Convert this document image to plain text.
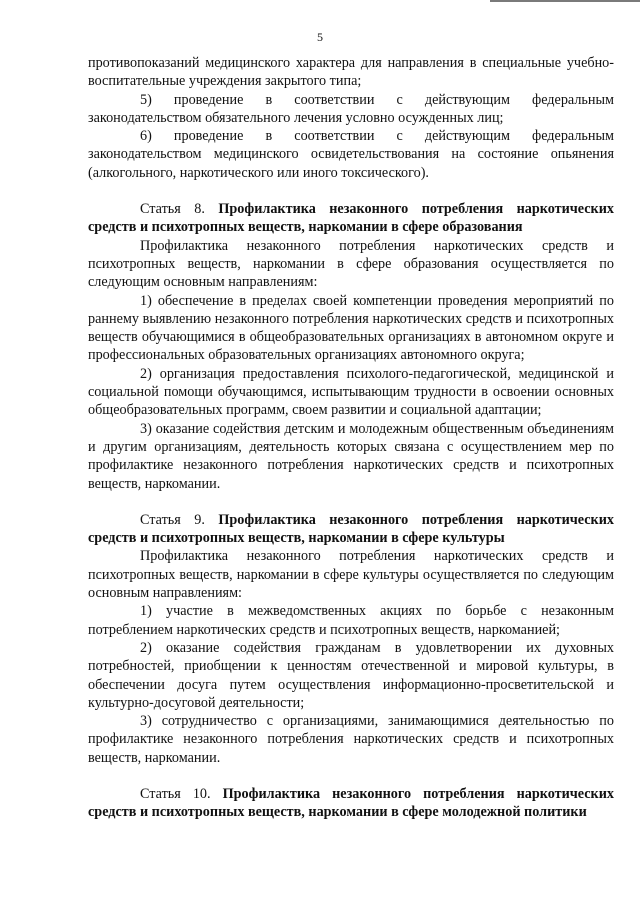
5

противопоказаний медицинского характера для направления в специальные учебно-воспитательные учреждения закрытого типа;

5) проведение в соответствии с действующим федеральным законодательством обязательного лечения условно осужденных лиц;

6) проведение в соответствии с действующим федеральным законодательством медицинского освидетельствования на состояние опьянения (алкогольного, наркотического или иного токсического).

Статья 8. Профилактика незаконного потребления наркотических средств и психотропных веществ, наркомании в сфере образования

Профилактика незаконного потребления наркотических средств и психотропных веществ, наркомании в сфере образования осуществляется по следующим основным направлениям:

1) обеспечение в пределах своей компетенции проведения мероприятий по раннему выявлению незаконного потребления наркотических средств и психотропных веществ обучающимися в общеобразовательных организациях в автономном округе и профессиональных образовательных организациях автономного округа;

2) организация предоставления психолого-педагогической, медицинской и социальной помощи обучающимся, испытывающим трудности в освоении основных общеобразовательных программ, своем развитии и социальной адаптации;

3) оказание содействия детским и молодежным общественным объединениям и другим организациям, деятельность которых связана с осуществлением мер по профилактике незаконного потребления наркотических средств и психотропных веществ, наркомании.

Статья 9. Профилактика незаконного потребления наркотических средств и психотропных веществ, наркомании в сфере культуры

Профилактика незаконного потребления наркотических средств и психотропных веществ, наркомании в сфере культуры осуществляется по следующим основным направлениям:

1) участие в межведомственных акциях по борьбе с незаконным потреблением наркотических средств и психотропных веществ, наркоманией;

2) оказание содействия гражданам в удовлетворении их духовных потребностей, приобщении к ценностям отечественной и мировой культуры, в обеспечении досуга путем осуществления информационно-просветительской и культурно-досуговой деятельности;

3) сотрудничество с организациями, занимающимися деятельностью по профилактике незаконного потребления наркотических средств и психотропных веществ, наркомании.

Статья 10. Профилактика незаконного потребления наркотических средств и психотропных веществ, наркомании в сфере молодежной политики
